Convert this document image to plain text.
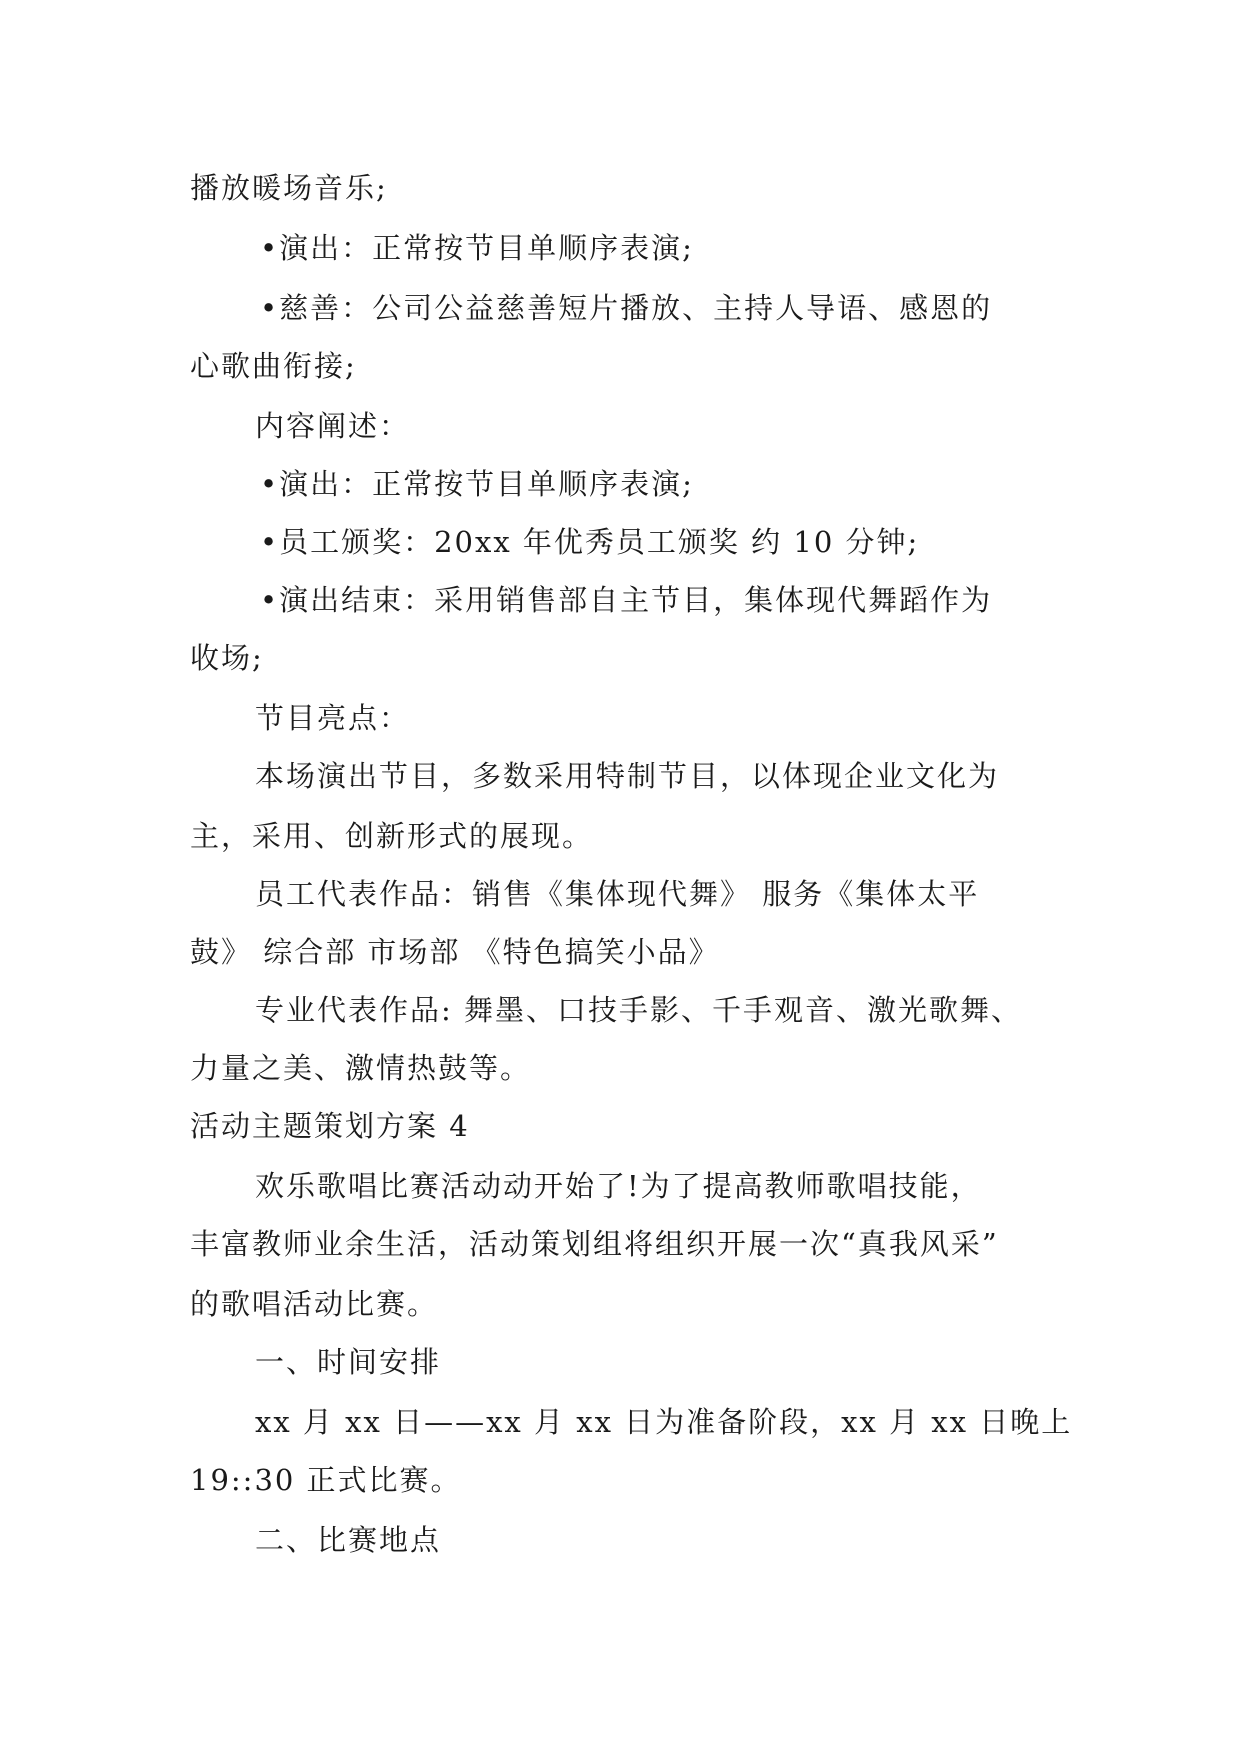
播放暖场音乐;
•演出：正常按节目单顺序表演;
•慈善：公司公益慈善短片播放、主持人导语、感恩的
心歌曲衔接;
内容阐述：
•演出：正常按节目单顺序表演;
•员工颁奖：20xx 年优秀员工颁奖 约 10 分钟;
•演出结束：采用销售部自主节目，集体现代舞蹈作为
收场;
节目亮点：
本场演出节目，多数采用特制节目，以体现企业文化为
主，采用、创新形式的展现。
员工代表作品：销售《集体现代舞》 服务《集体太平
鼓》 综合部 市场部 《特色搞笑小品》
专业代表作品: 舞墨、口技手影、千手观音、激光歌舞、
力量之美、激情热鼓等。
活动主题策划方案 4
欢乐歌唱比赛活动动开始了!为了提高教师歌唱技能，
丰富教师业余生活，活动策划组将组织开展一次“真我风采”
的歌唱活动比赛。
一、时间安排
xx 月 xx 日——xx 月 xx 日为准备阶段，xx 月 xx 日晚上
19::30 正式比赛。
二、比赛地点
